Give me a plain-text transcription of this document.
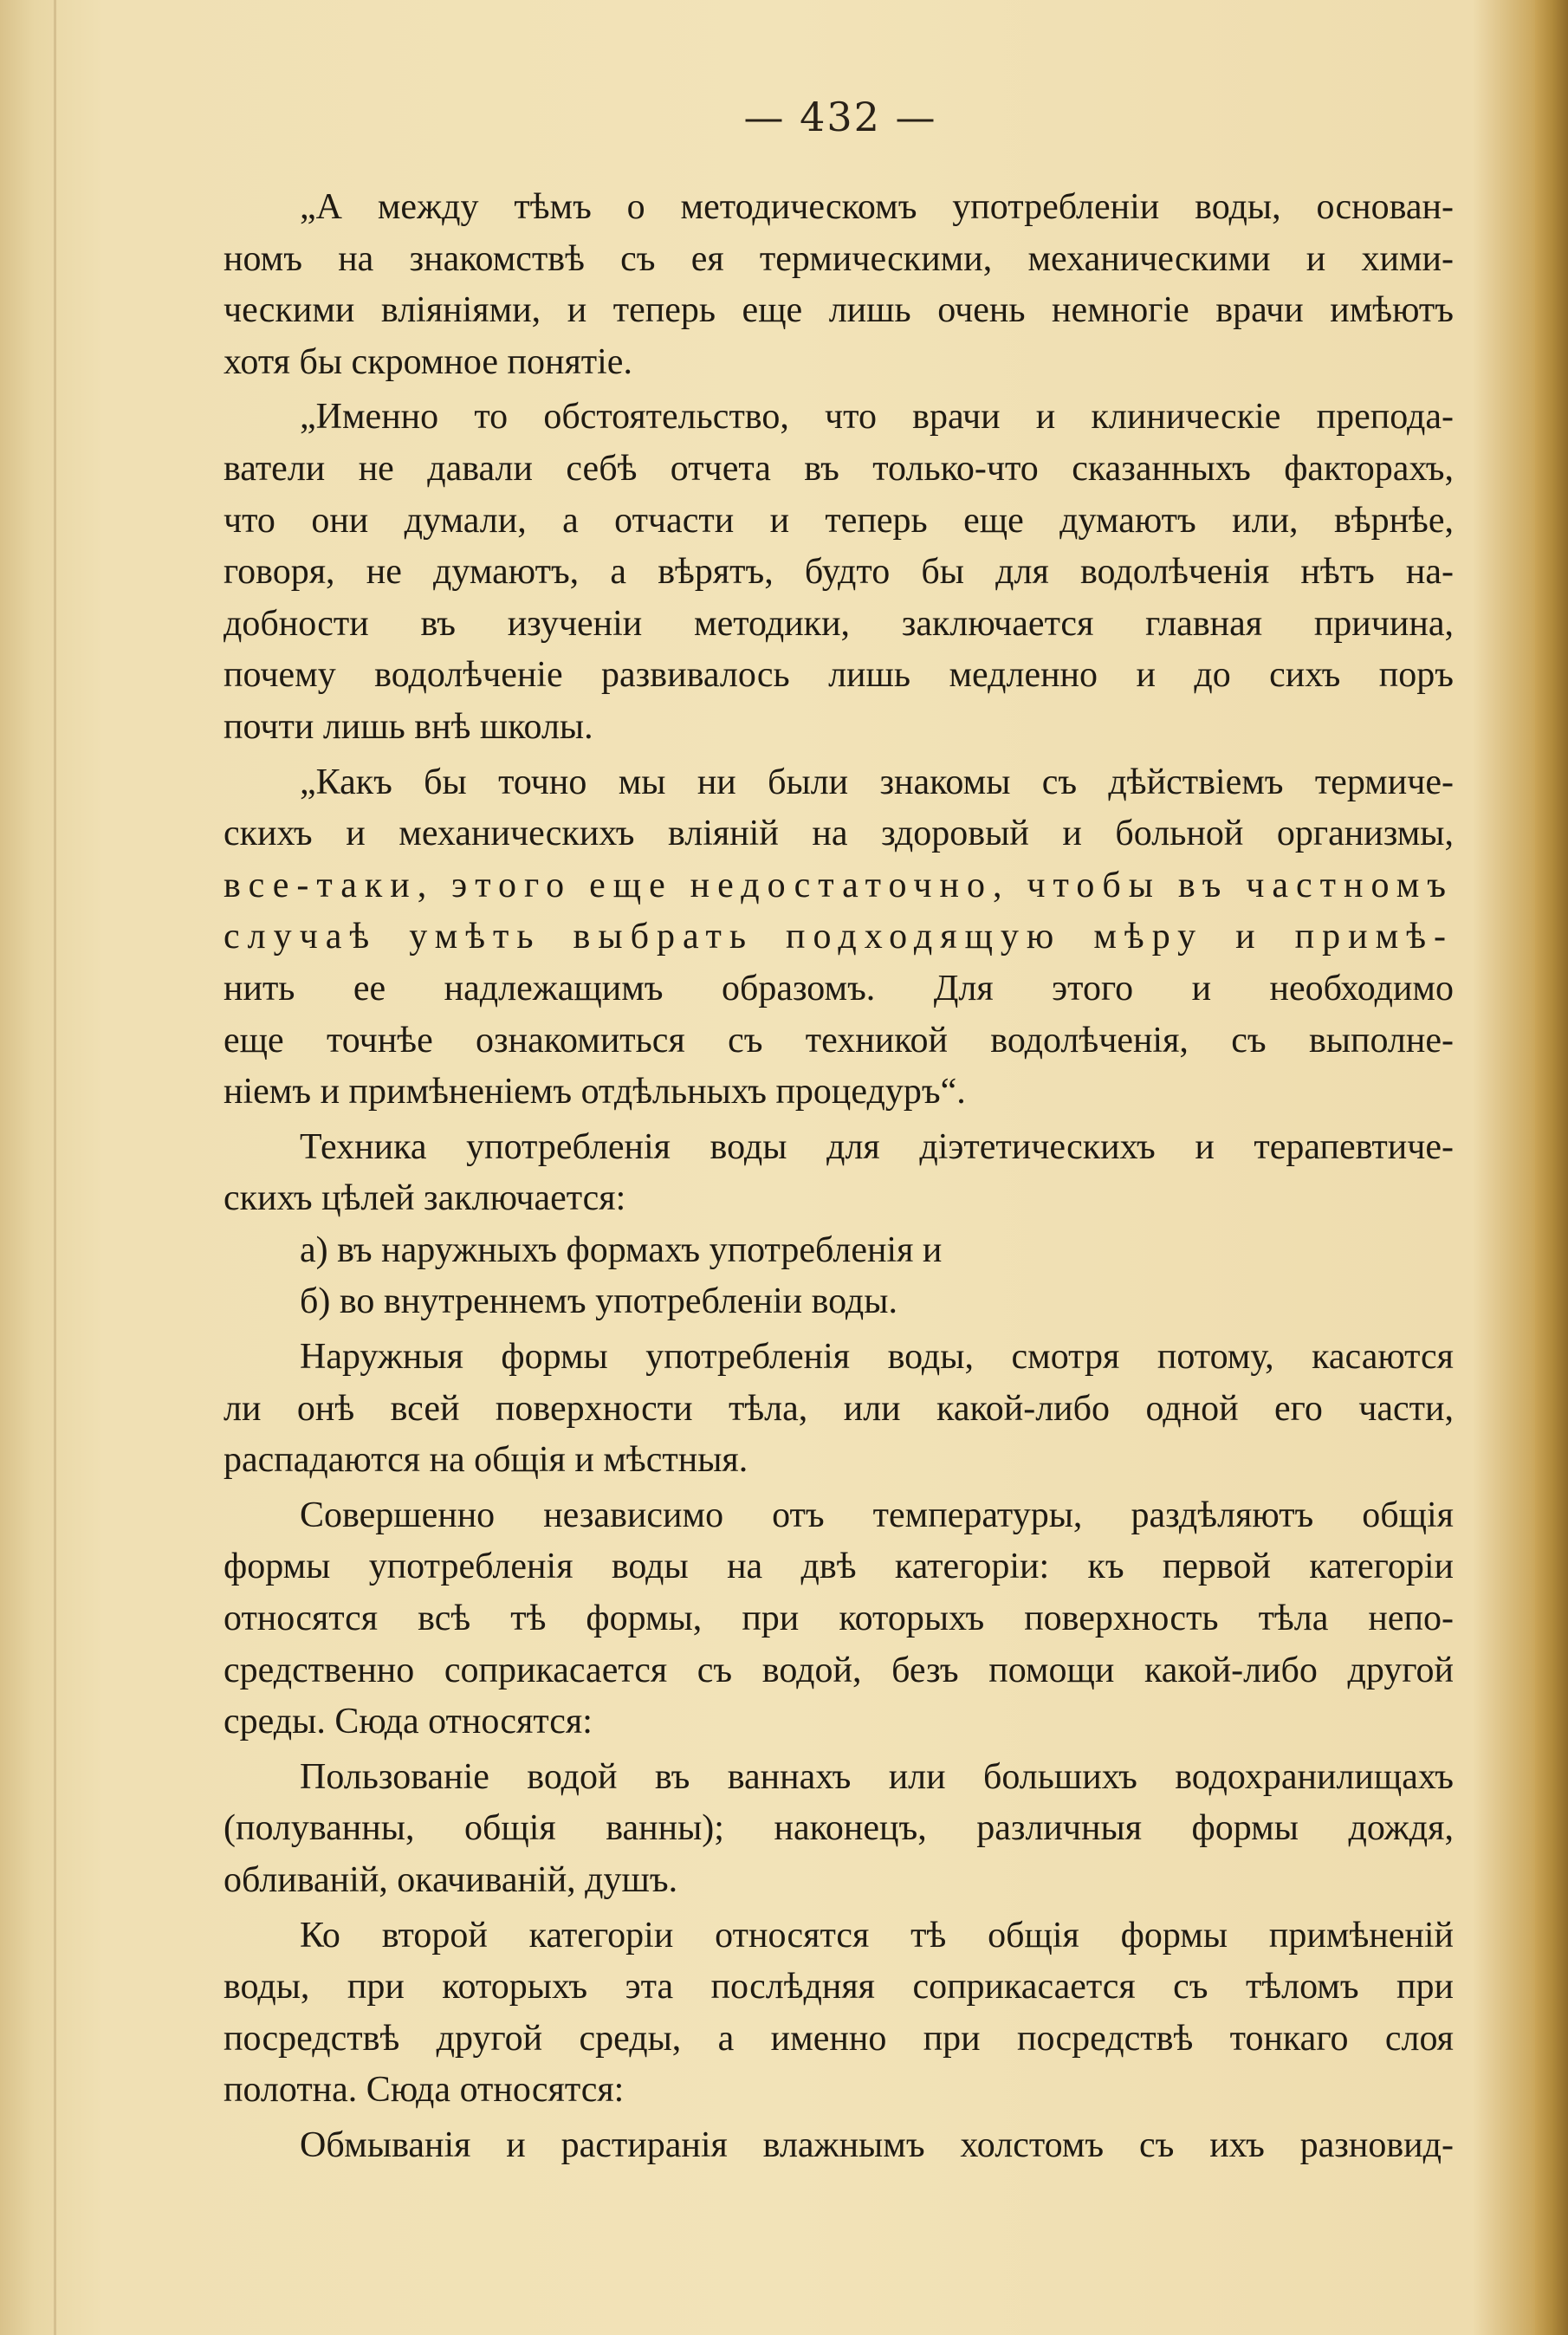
— 432 —
„А между тѣмъ о методическомъ употребленіи воды, основан-
номъ на знакомствѣ съ ея термическими, механическими и хими-
ческими вліяніями, и теперь еще лишь очень немногіе врачи имѣютъ
хотя бы скромное понятіе.
„Именно то обстоятельство, что врачи и клиническіе препода-
ватели не давали себѣ отчета въ только-что сказанныхъ факторахъ,
что они думали, а отчасти и теперь еще думаютъ или, вѣрнѣе,
говоря, не думаютъ, а вѣрятъ, будто бы для водолѣченія нѣтъ на-
добности въ изученіи методики, заключается главная причина,
почему водолѣченіе развивалось лишь медленно и до сихъ поръ
почти лишь внѣ школы.
„Какъ бы точно мы ни были знакомы съ дѣйствіемъ термиче-
скихъ и механическихъ вліяній на здоровый и больной организмы,
все-таки, этого еще недостаточно, чтобы въ частномъ
случаѣ умѣть выбрать подходящую мѣру и примѣ-
нить ее надлежащимъ образомъ. Для этого и необходимо
еще точнѣе ознакомиться съ техникой водолѣченія, съ выполне-
ніемъ и примѣненіемъ отдѣльныхъ процедуръ“.
Техника употребленія воды для діэтетическихъ и терапевтиче-
скихъ цѣлей заключается:
а) въ наружныхъ формахъ употребленія и
б) во внутреннемъ употребленіи воды.
Наружныя формы употребленія воды, смотря потому, касаются
ли онѣ всей поверхности тѣла, или какой-либо одной его части,
распадаются на общія и мѣстныя.
Совершенно независимо отъ температуры, раздѣляютъ общія
формы употребленія воды на двѣ категоріи: къ первой категоріи
относятся всѣ тѣ формы, при которыхъ поверхность тѣла непо-
средственно соприкасается съ водой, безъ помощи какой-либо другой
среды. Сюда относятся:
Пользованіе водой въ ваннахъ или большихъ водохранилищахъ
(полуванны, общія ванны); наконецъ, различныя формы дождя,
обливаній, окачиваній, душъ.
Ко второй категоріи относятся тѣ общія формы примѣненій
воды, при которыхъ эта послѣдняя соприкасается съ тѣломъ при
посредствѣ другой среды, а именно при посредствѣ тонкаго слоя
полотна. Сюда относятся:
Обмыванія и растиранія влажнымъ холстомъ съ ихъ разновид-
